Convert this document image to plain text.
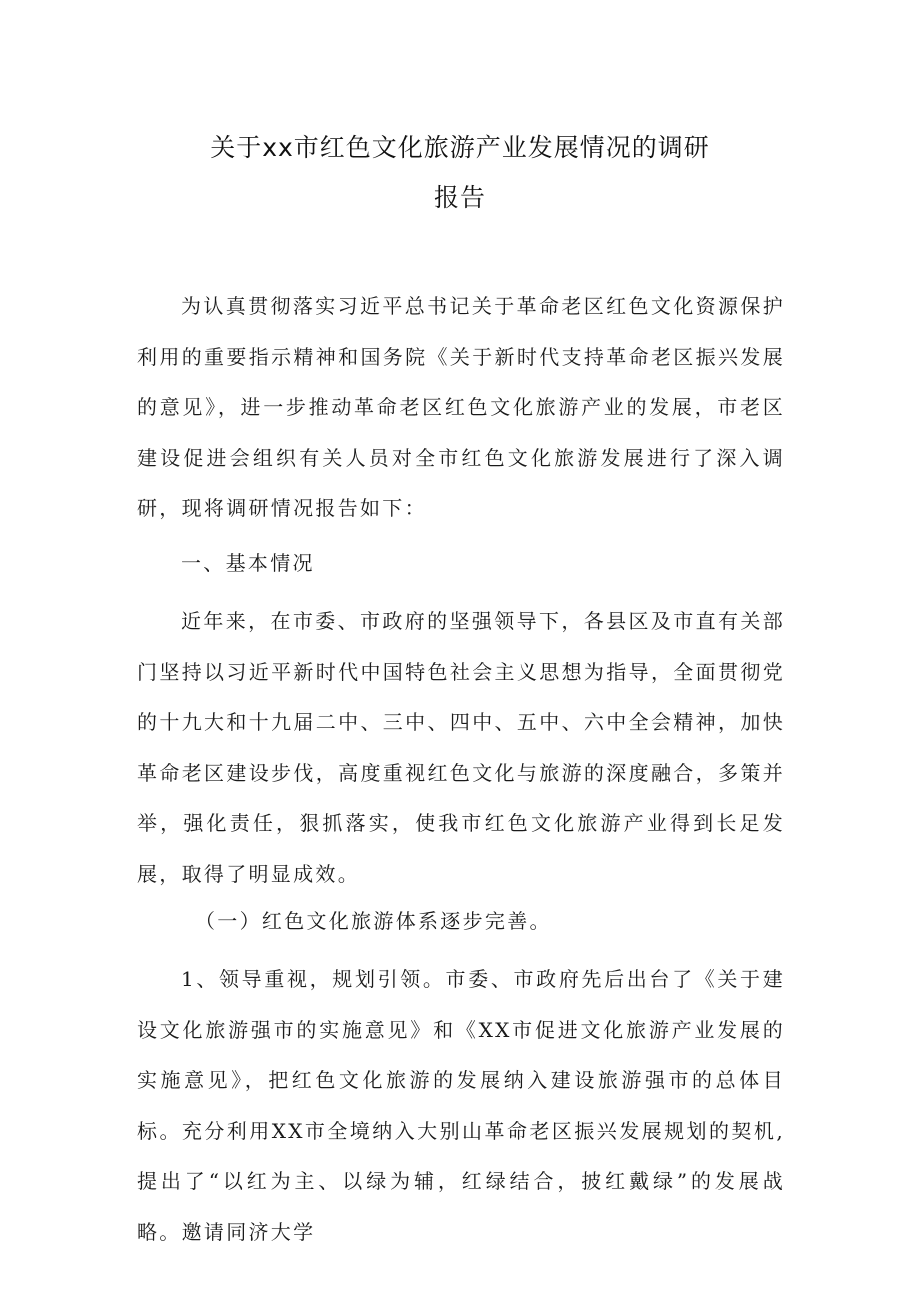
关于xx市红色文化旅游产业发展情况的调研
报告
为认真贯彻落实习近平总书记关于革命老区红色文化资源保护利用的重要指示精神和国务院《关于新时代支持革命老区振兴发展的意见》，进一步推动革命老区红色文化旅游产业的发展，市老区建设促进会组织有关人员对全市红色文化旅游发展进行了深入调研，现将调研情况报告如下：
一、基本情况
近年来，在市委、市政府的坚强领导下，各县区及市直有关部门坚持以习近平新时代中国特色社会主义思想为指导，全面贯彻党的十九大和十九届二中、三中、四中、五中、六中全会精神，加快革命老区建设步伐，高度重视红色文化与旅游的深度融合，多策并举，强化责任，狠抓落实，使我市红色文化旅游产业得到长足发展，取得了明显成效。
（一）红色文化旅游体系逐步完善。
1、领导重视，规划引领。市委、市政府先后出台了《关于建设文化旅游强市的实施意见》和《XX市促进文化旅游产业发展的实施意见》，把红色文化旅游的发展纳入建设旅游强市的总体目标。充分利用XX市全境纳入大别山革命老区振兴发展规划的契机,提出了“以红为主、以绿为辅，红绿结合，披红戴绿”的发展战略。邀请同济大学
